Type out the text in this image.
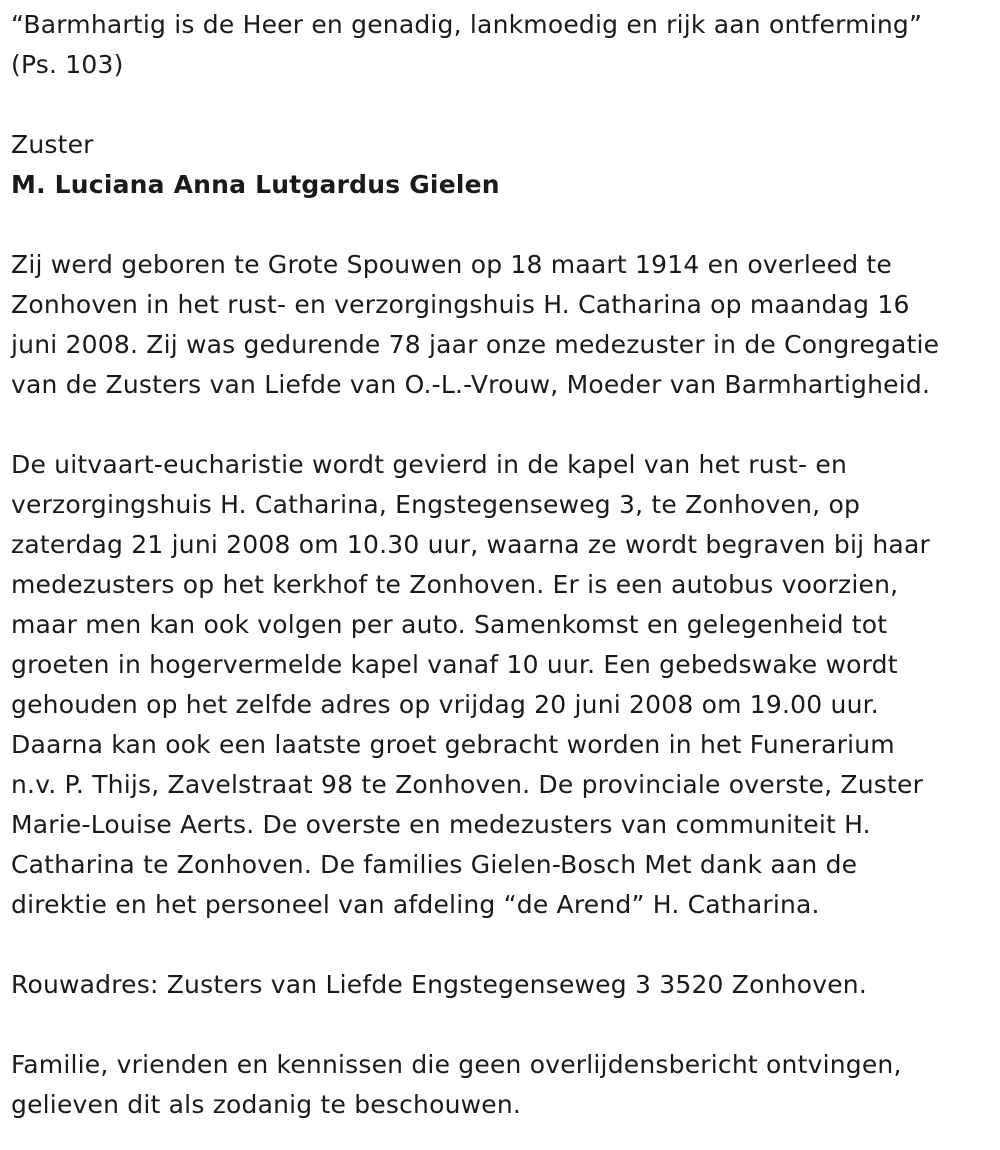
“Barmhartig is de Heer en genadig, lankmoedig en rijk aan ontferming”
(Ps. 103)

Zuster

M. Luciana Anna Lutgardus Gielen

Zij werd geboren te Grote Spouwen op 18 maart 1914 en overleed te
Zonhoven in het rust- en verzorgingshuis H. Catharina op maandag 16
juni 2008. Zij was gedurende 78 jaar onze medezuster in de Congregatie
van de Zusters van Liefde van O.-L.-Vrouw, Moeder van Barmhartigheid.

De uitvaart-eucharistie wordt gevierd in de kapel van het rust- en
verzorgingshuis H. Catharina, Engstegenseweg 3, te Zonhoven, op
zaterdag 21 juni 2008 om 10.30 uur, waarna ze wordt begraven bij haar
medezusters op het kerkhof te Zonhoven. Er is een autobus voorzien,
maar men kan ook volgen per auto. Samenkomst en gelegenheid tot
groeten in hogervermelde kapel vanaf 10 uur. Een gebedswake wordt
gehouden op het zelfde adres op vrijdag 20 juni 2008 om 19.00 uur.
Daarna kan ook een laatste groet gebracht worden in het Funerarium
n.v. P. Thijs, Zavelstraat 98 te Zonhoven. De provinciale overste, Zuster
Marie-Louise Aerts. De overste en medezusters van communiteit H.
Catharina te Zonhoven. De families Gielen-Bosch Met dank aan de
direktie en het personeel van afdeling “de Arend” H. Catharina.

Rouwadres: Zusters van Liefde Engstegenseweg 3 3520 Zonhoven.

Familie, vrienden en kennissen die geen overlijdensbericht ontvingen,
gelieven dit als zodanig te beschouwen.
